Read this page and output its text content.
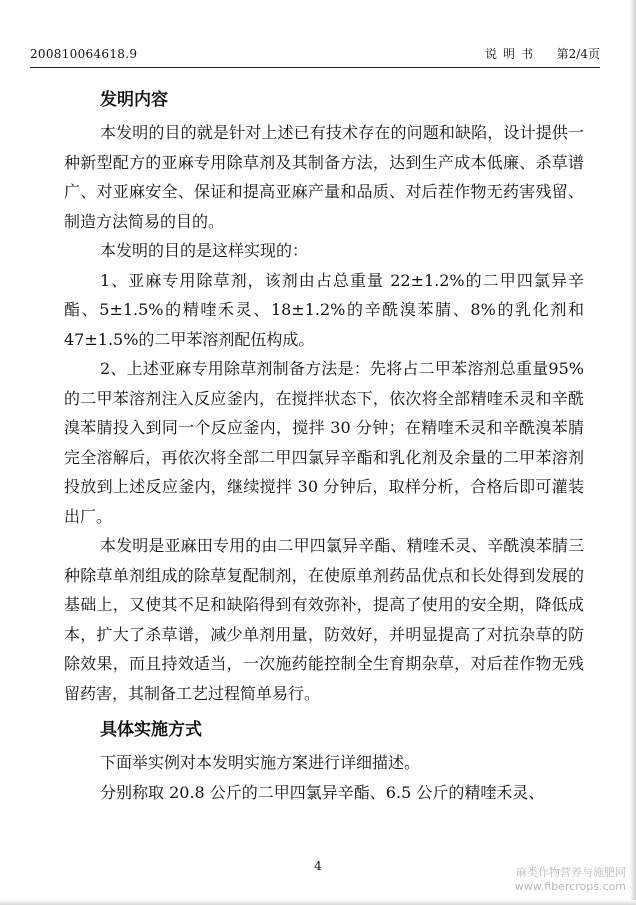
200810064618.9	说明书 第2/4页
发明内容

本发明的目的就是针对上述已有技术存在的问题和缺陷，设计提供一种新型配方的亚麻专用除草剂及其制备方法，达到生产成本低廉、杀草谱广、对亚麻安全、保证和提高亚麻产量和品质、对后茬作物无药害残留、制造方法简易的目的。

本发明的目的是这样实现的：

1、亚麻专用除草剂，该剂由占总重量 22±1.2%的二甲四氯异辛酯、5±1.5%的精喹禾灵、18±1.2%的辛酰溴苯腈、8%的乳化剂和47±1.5%的二甲苯溶剂配伍构成。

2、上述亚麻专用除草剂制备方法是：先将占二甲苯溶剂总重量95%的二甲苯溶剂注入反应釜内，在搅拌状态下，依次将全部精喹禾灵和辛酰溴苯腈投入到同一个反应釜内，搅拌 30 分钟；在精喹禾灵和辛酰溴苯腈完全溶解后，再依次将全部二甲四氯异辛酯和乳化剂及余量的二甲苯溶剂投放到上述反应釜内，继续搅拌 30 分钟后，取样分析，合格后即可灌装出厂。

本发明是亚麻田专用的由二甲四氯异辛酯、精喹禾灵、辛酰溴苯腈三种除草单剂组成的除草复配制剂，在使原单剂药品优点和长处得到发展的基础上，又使其不足和缺陷得到有效弥补，提高了使用的安全期，降低成本，扩大了杀草谱，减少单剂用量，防效好，并明显提高了对抗杂草的防除效果，而且持效适当，一次施药能控制全生育期杂草，对后茬作物无残留药害，其制备工艺过程简单易行。

具体实施方式

下面举实例对本发明实施方案进行详细描述。

分别称取 20.8 公斤的二甲四氯异辛酯、6.5 公斤的精喹禾灵、

4	麻类作物营养与施肥网
www.fibercrops.com
